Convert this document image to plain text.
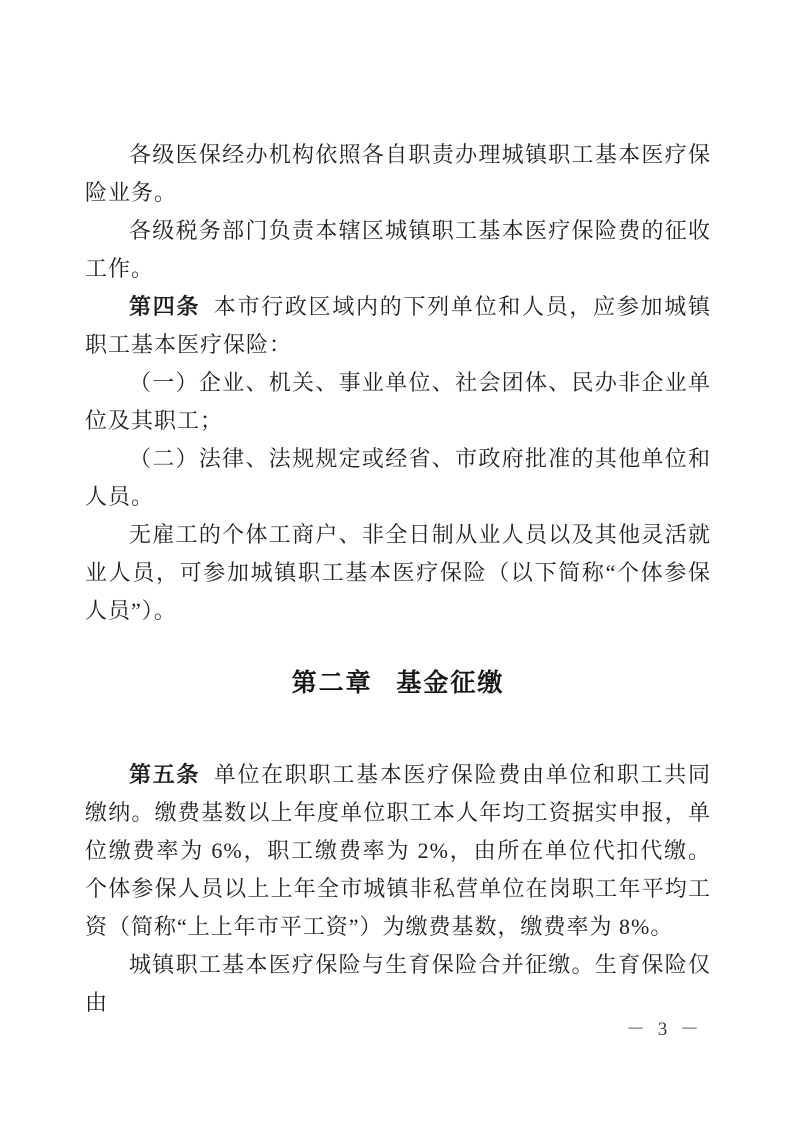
各级医保经办机构依照各自职责办理城镇职工基本医疗保险业务。

各级税务部门负责本辖区城镇职工基本医疗保险费的征收工作。

第四条 本市行政区域内的下列单位和人员，应参加城镇职工基本医疗保险：

（一）企业、机关、事业单位、社会团体、民办非企业单位及其职工；

（二）法律、法规规定或经省、市政府批准的其他单位和人员。

无雇工的个体工商户、非全日制从业人员以及其他灵活就业人员，可参加城镇职工基本医疗保险（以下简称“个体参保人员”）。

第二章 基金征缴

第五条 单位在职职工基本医疗保险费由单位和职工共同缴纳。缴费基数以上年度单位职工本人年均工资据实申报，单位缴费率为 6%，职工缴费率为 2%，由所在单位代扣代缴。个体参保人员以上上年全市城镇非私营单位在岗职工年平均工资（简称“上上年市平工资”）为缴费基数，缴费率为 8%。

城镇职工基本医疗保险与生育保险合并征缴。生育保险仅由

－ 3 －
